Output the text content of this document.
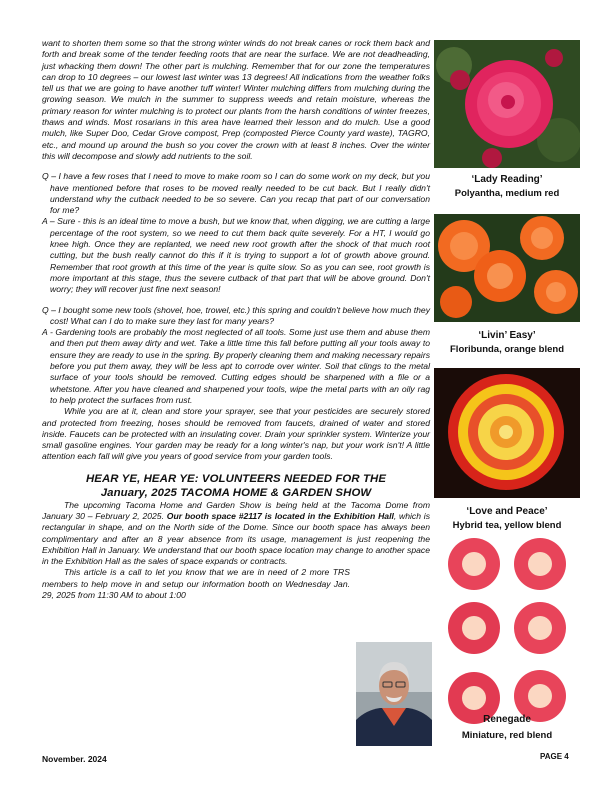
want to shorten them some so that the strong winter winds do not break canes or rock them back and forth and break some of the tender feeding roots that are near the surface. We are not deadheading, just whacking them down! The other part is mulching. Remember that for our zone the temperatures can drop to 10 degrees – our lowest last winter was 13 degrees! All indications from the weather folks tell us that we are going to have another tuff winter! Winter mulching differs from mulching during the growing season. We mulch in the summer to suppress weeds and retain moisture, whereas the primary reason for winter mulching is to protect our plants from the harsh conditions of winter freezes, thaws and winds. Most rosarians in this area have learned their lesson and do mulch. Use a good mulch, like Super Doo, Cedar Grove compost, Prep (composted Pierce County yard waste), TAGRO, etc., and mound up around the bush so you cover the crown with at least 8 inches. Over the winter this will decompose and slowly add nutrients to the soil.

Q – I have a few roses that I need to move to make room so I can do some work on my deck, but you have mentioned before that roses to be moved really needed to be cut back. But I really didn't understand why the cutback needed to be so severe. Can you recap that part of our conversation for me?

A – Sure - this is an ideal time to move a bush, but we know that, when digging, we are cutting a large percentage of the root system, so we need to cut them back quite severely. For a HT, I would go knee high. Once they are replanted, we need new root growth after the shock of that much root cutting, but the bush really cannot do this if it is trying to support a lot of growth above ground. Remember that root growth at this time of the year is quite slow. So as you can see, root growth is more important at this stage, thus the severe cutback of that part that will be above ground. Don't worry; they will recover just fine next season!

Q – I bought some new tools (shovel, hoe, trowel, etc.) this spring and couldn't believe how much they cost! What can I do to make sure they last for many years?

A - Gardening tools are probably the most neglected of all tools. Some just use them and abuse them and then put them away dirty and wet. Take a little time this fall before putting all your tools away to ensure they are ready to use in the spring. By properly cleaning them and making necessary repairs before you put them away, they will be less apt to corrode over winter. Soil that clings to the metal surface of your tools should be removed. Cutting edges should be sharpened with a file or a whetstone. After you have cleaned and sharpened your tools, wipe the metal parts with an oily rag to help protect the surfaces from rust.

While you are at it, clean and store your sprayer, see that your pesticides are securely stored and protected from freezing, hoses should be removed from faucets, drained of water and stored inside. Faucets can be protected with an insulating cover. Drain your sprinkler system. Winterize your small gasoline engines. Your garden may be ready for a long winter's nap, but your work isn't! A little attention each fall will give you years of good service from your garden tools.

HEAR YE, HEAR YE: VOLUNTEERS NEEDED FOR THE

January, 2025 TACOMA HOME & GARDEN SHOW

The upcoming Tacoma Home and Garden Show is being held at the Tacoma Dome from January 30 – February 2, 2025. Our booth space #2117 is located in the Exhibition Hall, which is rectangular in shape, and on the North side of the Dome. Since our booth space has always been complimentary and after an 8 year absence from its usage, management is just reopening the Exhibition Hall in January. We understand that our booth space location may change to another space in the Exhibition Hall as the sales of space expands or contracts.

This article is a call to let you know that we are in need of 2 more TRS members to help move in and setup our information booth on Wednesday Jan. 29, 2025 from 11:30 AM to about 1:00

‘Lady Reading’
Polyantha, medium red
‘Livin’ Easy’
Floribunda, orange blend
‘Love and Peace’
Hybrid tea, yellow blend
Renegade
Miniature, red blend
November. 2024	PAGE 4
